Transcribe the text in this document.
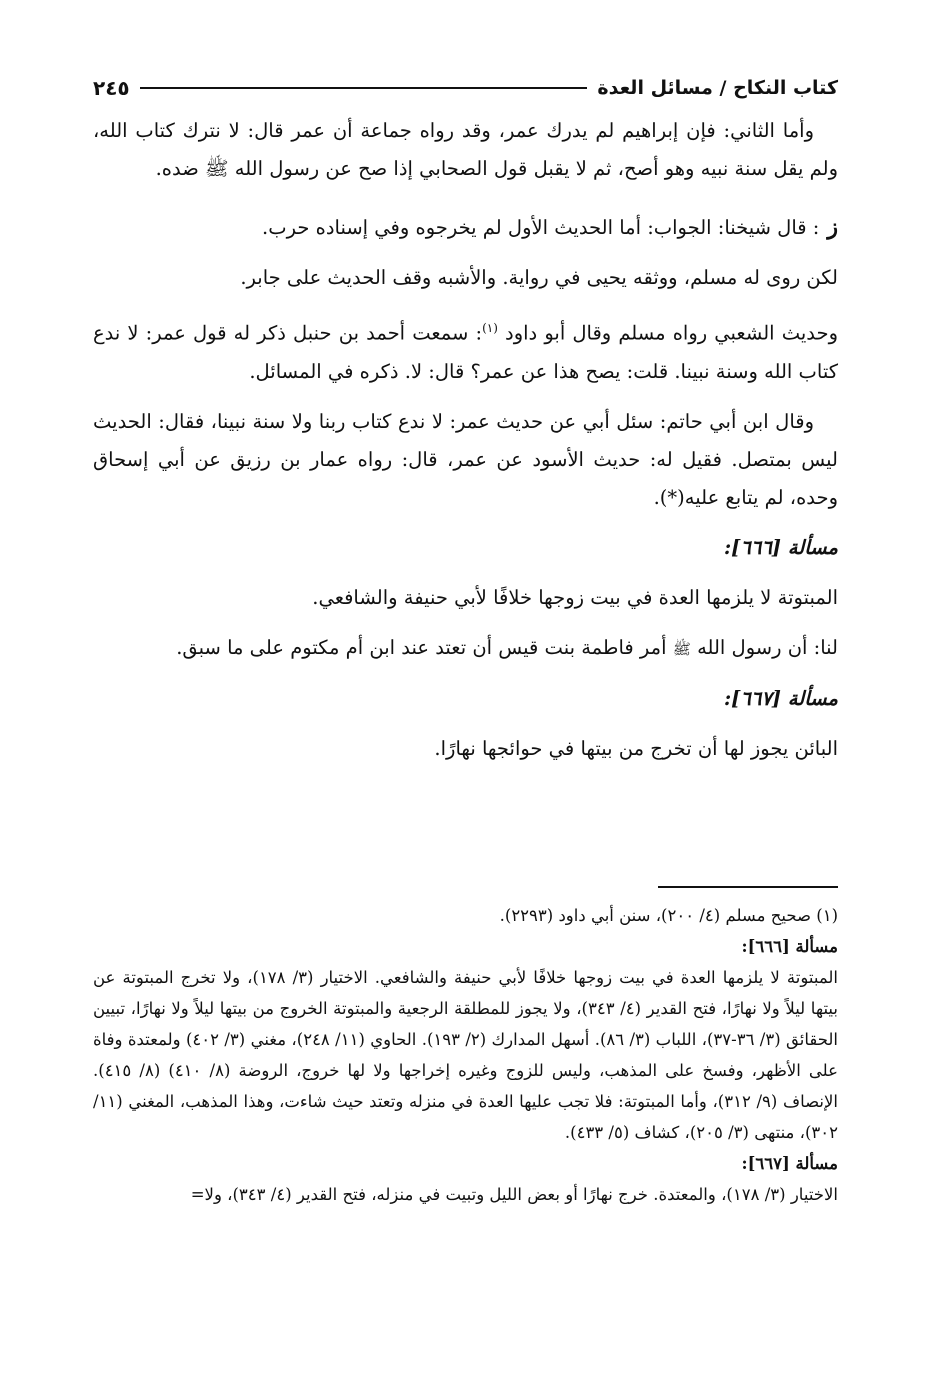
كتاب النكاح / مسائل العدة
٢٤٥

وأما الثاني: فإن إبراهيم لم يدرك عمر، وقد رواه جماعة أن عمر قال: لا نترك كتاب الله، ولم يقل سنة نبيه وهو أصح، ثم لا يقبل قول الصحابي إذا صح عن رسول الله ﷺ ضده.

ز: قال شيخنا: الجواب: أما الحديث الأول لم يخرجوه وفي إسناده حرب.

لكن روى له مسلم، ووثقه يحيى في رواية. والأشبه وقف الحديث على جابر.

وحديث الشعبي رواه مسلم وقال أبو داود $^{(١)}$: سمعت أحمد بن حنبل ذكر له قول عمر: لا ندع كتاب الله وسنة نبينا. قلت: يصح هذا عن عمر؟ قال: لا. ذكره في المسائل.

وقال ابن أبي حاتم: سئل أبي عن حديث عمر: لا ندع كتاب ربنا ولا سنة نبينا، فقال: الحديث ليس بمتصل. فقيل له: حديث الأسود عن عمر، قال: رواه عمار بن رزيق عن أبي إسحاق وحده، لم يتابع عليه(*).

مسألة [٦٦٦]:

المبتوتة لا يلزمها العدة في بيت زوجها خلافًا لأبي حنيفة والشافعي.

لنا: أن رسول الله ﷺ أمر فاطمة بنت قيس أن تعتد عند ابن أم مكتوم على ما سبق.

مسألة [٦٦٧]:

البائن يجوز لها أن تخرج من بيتها في حوائجها نهارًا.

(١) صحيح مسلم (٤/ ٢٠٠)، سنن أبي داود (٢٢٩٣).

مسألة [٦٦٦]:

المبتوتة لا يلزمها العدة في بيت زوجها خلافًا لأبي حنيفة والشافعي. الاختيار (٣/ ١٧٨)، ولا تخرج المبتوتة عن بيتها ليلاً ولا نهارًا، فتح القدير (٤/ ٣٤٣)، ولا يجوز للمطلقة الرجعية والمبتوتة الخروج من بيتها ليلاً ولا نهارًا، تبيين الحقائق (٣/ ٣٦-٣٧)، اللباب (٣/ ٨٦). أسهل المدارك (٢/ ١٩٣). الحاوي (١١/ ٢٤٨)، مغني (٣/ ٤٠٢) ولمعتدة وفاة على الأظهر، وفسخ على المذهب، وليس للزوج وغيره إخراجها ولا لها خروج، الروضة (٨/ ٤١٠) (٨/ ٤١٥). الإنصاف (٩/ ٣١٢)، وأما المبتوتة: فلا تجب عليها العدة في منزله وتعتد حيث شاءت، وهذا المذهب، المغني (١١/ ٣٠٢)، منتهى (٣/ ٢٠٥)، كشاف (٥/ ٤٣٣).

مسألة [٦٦٧]:

الاختيار (٣/ ١٧٨)، والمعتدة. خرج نهارًا أو بعض الليل وتبيت في منزله، فتح القدير (٤/ ٣٤٣)، ولا=
